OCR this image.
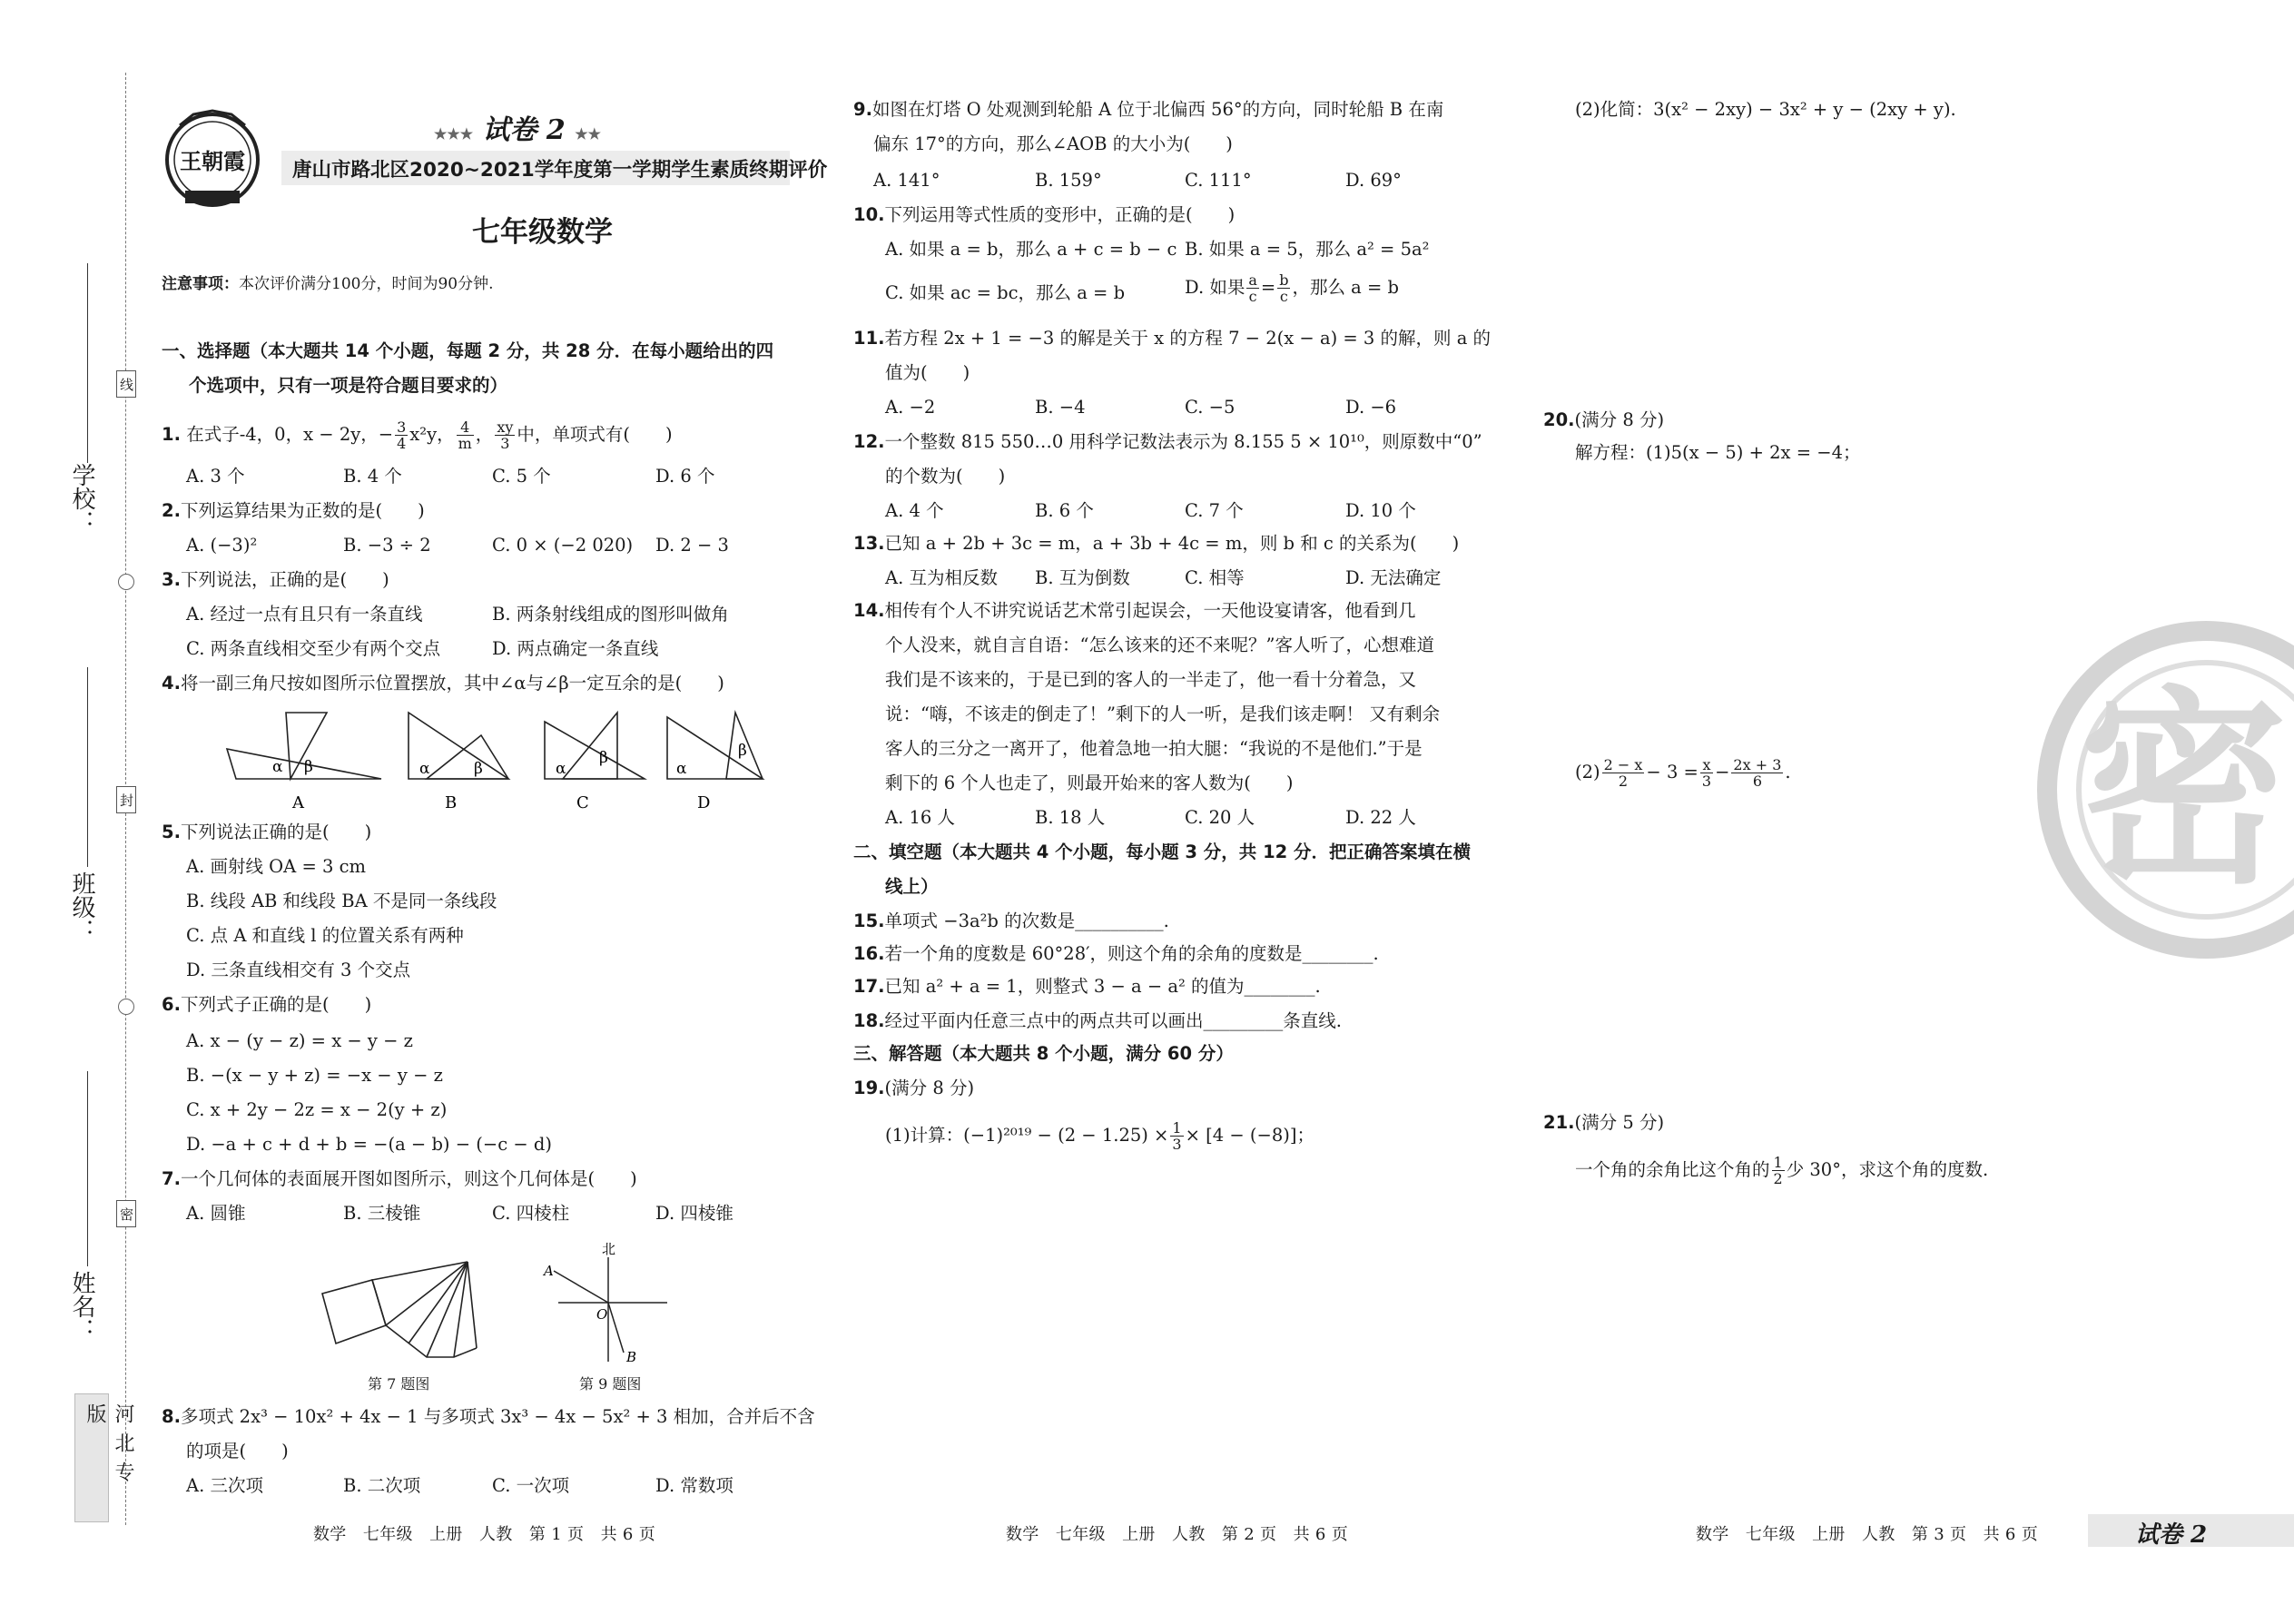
学校：
班级：
姓名：
线
封
密
河北专版
王朝霞
★★★ 试卷 2 ★★
唐山市路北区2020~2021学年度第一学期学生素质终期评价
七年级数学
注意事项：本次评价满分100分，时间为90分钟.
一、选择题（本大题共 14 个小题，每题 2 分，共 28 分．在每小题给出的四
个选项中，只有一项是符合题目要求的）
1. 在式子-4，0，x − 2y，− $\frac{3}{4} x^2y$， $\frac{4}{m}$ ， $\frac{xy}{3}$ 中，单项式有(　　)
A. 3 个	B. 4 个	C. 5 个	D. 6 个
2.下列运算结果为正数的是(　　)
A. (−3)²	B. −3 ÷ 2	C. 0 × (−2 020) D. 2 − 3
3.下列说法，正确的是(　　)
A. 经过一点有且只有一条直线	B. 两条射线组成的图形叫做角
C. 两条直线相交至少有两个交点	D. 两点确定一条直线
4.将一副三角尺按如图所示位置摆放，其中∠α与∠β一定互余的是(　　)
α β	α	β	α
β
α
β
A	B	C	D
5.下列说法正确的是(　　)
A. 画射线 OA = 3 cm
B. 线段 AB 和线段 BA 不是同一条线段
C. 点 A 和直线 l 的位置关系有两种
D. 三条直线相交有 3 个交点
6.下列式子正确的是(　　)
A. x − (y − z) = x − y − z
B. −(x − y + z) = −x − y − z
C. x + 2y − 2z = x − 2(y + z)
D. −a + c + d + b = −(a − b) − (−c − d)
7.一个几何体的表面展开图如图所示，则这个几何体是(　　)
A. 圆锥	B. 三棱锥	C. 四棱柱	D. 四棱锥
第 7 题图
北
A
O
B
第 9 题图
8.多项式 2x³ − 10x² + 4x − 1 与多项式 3x³ − 4x − 5x² + 3 相加，合并后不含
的项是(　　)
A. 三次项	B. 二次项	C. 一次项	D. 常数项
9.如图在灯塔 O 处观测到轮船 A 位于北偏西 56°的方向，同时轮船 B 在南
偏东 17°的方向，那么∠AOB 的大小为(　　)
A. 141°	B. 159°	C. 111°	D. 69°
10.下列运用等式性质的变形中，正确的是(　　)
A. 如果 a = b，那么 a + c = b − c B. 如果 a = 5，那么 a² = 5a²
C. 如果 ac = bc，那么 a = b	D. 如果 $\frac{a}{c} = \frac{b}{c}$ ，那么 a = b
11.若方程 2x + 1 = −3 的解是关于 x 的方程 7 − 2(x − a) = 3 的解，则 a 的
值为(　　)
A. −2	B. −4	C. −5	D. −6
12.一个整数 815 550…0 用科学记数法表示为 8.155 5 × 10¹⁰，则原数中“0”
的个数为(　　)
A. 4 个	B. 6 个	C. 7 个	D. 10 个
13.已知 a + 2b + 3c = m，a + 3b + 4c = m，则 b 和 c 的关系为(　　)
A. 互为相反数 B. 互为倒数	C. 相等	D. 无法确定
14.相传有个人不讲究说话艺术常引起误会，一天他设宴请客，他看到几
个人没来，就自言自语：“怎么该来的还不来呢？”客人听了，心想难道
我们是不该来的，于是已到的客人的一半走了，他一看十分着急，又
说：“嗨，不该走的倒走了！”剩下的人一听，是我们该走啊！ 又有剩余
客人的三分之一离开了，他着急地一拍大腿：“我说的不是他们.”于是
剩下的 6 个人也走了，则最开始来的客人数为(　　)
A. 16 人	B. 18 人	C. 20 人	D. 22 人
二、填空题（本大题共 4 个小题，每小题 3 分，共 12 分．把正确答案填在横
线上）
15.单项式 −3a²b 的次数是__________.
16.若一个角的度数是 60°28′，则这个角的余角的度数是________.
17.已知 a² + a = 1，则整式 3 − a − a² 的值为________.
18.经过平面内任意三点中的两点共可以画出_________条直线.
三、解答题（本大题共 8 个小题，满分 60 分）
19.(满分 8 分)
(1)计算：$(-1)^{2019} - (2 - 1.25) \times \frac{1}{3} \times [4 - (-8)]$；
(2)化简：3(x² − 2xy) − 3x² + y − (2xy + y).
20.(满分 8 分)
解方程：(1)5(x − 5) + 2x = −4；
$(2) \frac{2 - x}{2} - 3 = \frac{x}{3} - \frac{2x + 3}{6}$ .
21.(满分 5 分)
一个角的余角比这个角的 $\frac{1}{2}$ 少 30°，求这个角的度数.
密
数学　七年级　上册　人教　第 1 页　共 6 页	数学　七年级　上册　人教　第 2 页　共 6 页	数学　七年级　上册　人教　第 3 页　共 6 页	试卷 2
